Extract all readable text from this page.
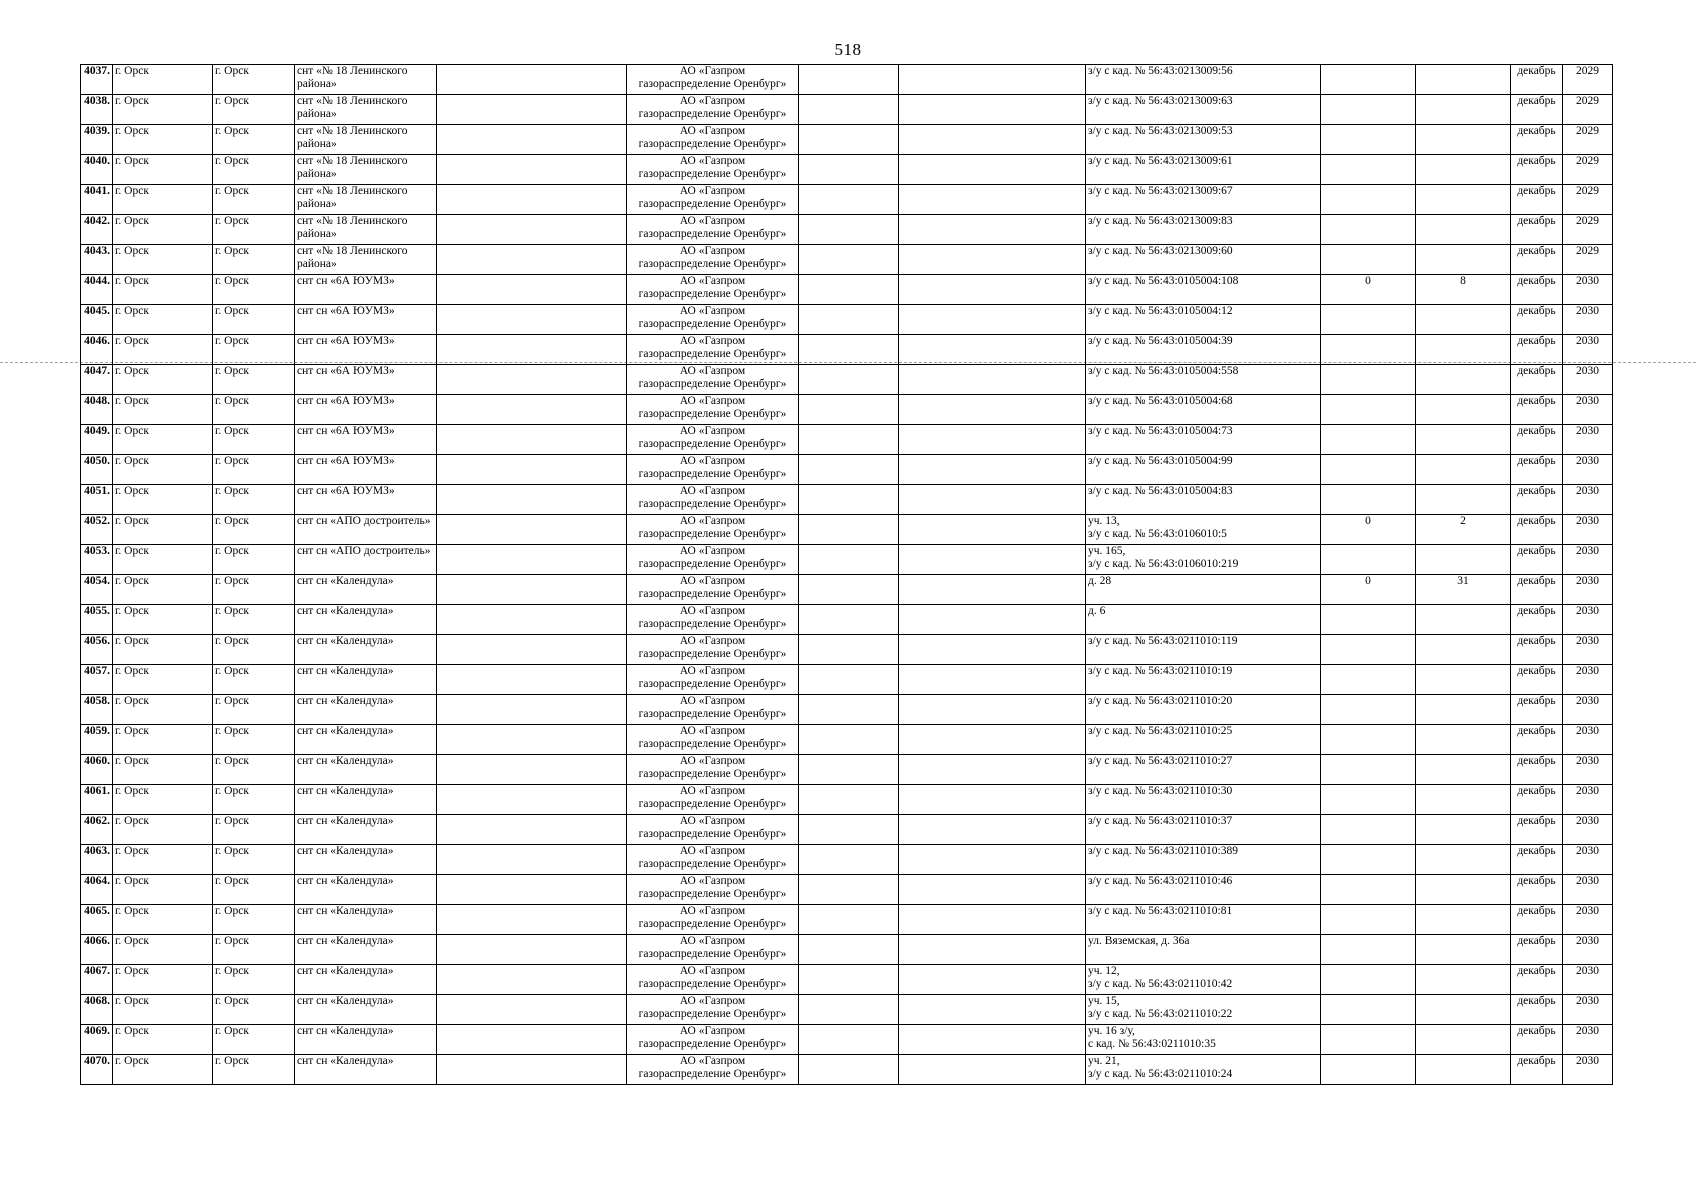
518
4037.	г. Орск	г. Орск	снт «№ 18 Ленинского района»		АО «Газпром
газораспределение Оренбург»			з/у с кад. № 56:43:0213009:56			декабрь	2029
4038.	г. Орск	г. Орск	снт «№ 18 Ленинского района»		АО «Газпром
газораспределение Оренбург»			з/у с кад. № 56:43:0213009:63			декабрь	2029
4039.	г. Орск	г. Орск	снт «№ 18 Ленинского района»		АО «Газпром
газораспределение Оренбург»			з/у с кад. № 56:43:0213009:53			декабрь	2029
4040.	г. Орск	г. Орск	снт «№ 18 Ленинского района»		АО «Газпром
газораспределение Оренбург»			з/у с кад. № 56:43:0213009:61			декабрь	2029
4041.	г. Орск	г. Орск	снт «№ 18 Ленинского района»		АО «Газпром
газораспределение Оренбург»			з/у с кад. № 56:43:0213009:67			декабрь	2029
4042.	г. Орск	г. Орск	снт «№ 18 Ленинского района»		АО «Газпром
газораспределение Оренбург»			з/у с кад. № 56:43:0213009:83			декабрь	2029
4043.	г. Орск	г. Орск	снт «№ 18 Ленинского района»		АО «Газпром
газораспределение Оренбург»			з/у с кад. № 56:43:0213009:60			декабрь	2029
4044.	г. Орск	г. Орск	снт сн «6А ЮУМЗ»		АО «Газпром
газораспределение Оренбург»			з/у с кад. № 56:43:0105004:108	0	8	декабрь	2030
4045.	г. Орск	г. Орск	снт сн «6А ЮУМЗ»		АО «Газпром
газораспределение Оренбург»			з/у с кад. № 56:43:0105004:12			декабрь	2030
4046.	г. Орск	г. Орск	снт сн «6А ЮУМЗ»		АО «Газпром
газораспределение Оренбург»			з/у с кад. № 56:43:0105004:39			декабрь	2030
4047.	г. Орск	г. Орск	снт сн «6А ЮУМЗ»		АО «Газпром
газораспределение Оренбург»			з/у с кад. № 56:43:0105004:558			декабрь	2030
4048.	г. Орск	г. Орск	снт сн «6А ЮУМЗ»		АО «Газпром
газораспределение Оренбург»			з/у с кад. № 56:43:0105004:68			декабрь	2030
4049.	г. Орск	г. Орск	снт сн «6А ЮУМЗ»		АО «Газпром
газораспределение Оренбург»			з/у с кад. № 56:43:0105004:73			декабрь	2030
4050.	г. Орск	г. Орск	снт сн «6А ЮУМЗ»		АО «Газпром
газораспределение Оренбург»			з/у с кад. № 56:43:0105004:99			декабрь	2030
4051.	г. Орск	г. Орск	снт сн «6А ЮУМЗ»		АО «Газпром
газораспределение Оренбург»			з/у с кад. № 56:43:0105004:83			декабрь	2030
4052.	г. Орск	г. Орск	снт сн «АПО достроитель»		АО «Газпром
газораспределение Оренбург»			уч. 13,
з/у с кад. № 56:43:0106010:5	0	2	декабрь	2030
4053.	г. Орск	г. Орск	снт сн «АПО достроитель»		АО «Газпром
газораспределение Оренбург»			уч. 165,
з/у с кад. № 56:43:0106010:219			декабрь	2030
4054.	г. Орск	г. Орск	снт сн «Календула»		АО «Газпром
газораспределение Оренбург»			д. 28	0	31	декабрь	2030
4055.	г. Орск	г. Орск	снт сн «Календула»		АО «Газпром
газораспределение Оренбург»			д. 6			декабрь	2030
4056.	г. Орск	г. Орск	снт сн «Календула»		АО «Газпром
газораспределение Оренбург»			з/у с кад. № 56:43:0211010:119			декабрь	2030
4057.	г. Орск	г. Орск	снт сн «Календула»		АО «Газпром
газораспределение Оренбург»			з/у с кад. № 56:43:0211010:19			декабрь	2030
4058.	г. Орск	г. Орск	снт сн «Календула»		АО «Газпром
газораспределение Оренбург»			з/у с кад. № 56:43:0211010:20			декабрь	2030
4059.	г. Орск	г. Орск	снт сн «Календула»		АО «Газпром
газораспределение Оренбург»			з/у с кад. № 56:43:0211010:25			декабрь	2030
4060.	г. Орск	г. Орск	снт сн «Календула»		АО «Газпром
газораспределение Оренбург»			з/у с кад. № 56:43:0211010:27			декабрь	2030
4061.	г. Орск	г. Орск	снт сн «Календула»		АО «Газпром
газораспределение Оренбург»			з/у с кад. № 56:43:0211010:30			декабрь	2030
4062.	г. Орск	г. Орск	снт сн «Календула»		АО «Газпром
газораспределение Оренбург»			з/у с кад. № 56:43:0211010:37			декабрь	2030
4063.	г. Орск	г. Орск	снт сн «Календула»		АО «Газпром
газораспределение Оренбург»			з/у с кад. № 56:43:0211010:389			декабрь	2030
4064.	г. Орск	г. Орск	снт сн «Календула»		АО «Газпром
газораспределение Оренбург»			з/у с кад. № 56:43:0211010:46			декабрь	2030
4065.	г. Орск	г. Орск	снт сн «Календула»		АО «Газпром
газораспределение Оренбург»			з/у с кад. № 56:43:0211010:81			декабрь	2030
4066.	г. Орск	г. Орск	снт сн «Календула»		АО «Газпром
газораспределение Оренбург»			ул. Вяземская, д. 36а			декабрь	2030
4067.	г. Орск	г. Орск	снт сн «Календула»		АО «Газпром
газораспределение Оренбург»			уч. 12,
з/у с кад. № 56:43:0211010:42			декабрь	2030
4068.	г. Орск	г. Орск	снт сн «Календула»		АО «Газпром
газораспределение Оренбург»			уч. 15,
з/у с кад. № 56:43:0211010:22			декабрь	2030
4069.	г. Орск	г. Орск	снт сн «Календула»		АО «Газпром
газораспределение Оренбург»			уч. 16 з/у,
с кад. № 56:43:0211010:35			декабрь	2030
4070.	г. Орск	г. Орск	снт сн «Календула»		АО «Газпром
газораспределение Оренбург»			уч. 21,
з/у с кад. № 56:43:0211010:24			декабрь	2030
